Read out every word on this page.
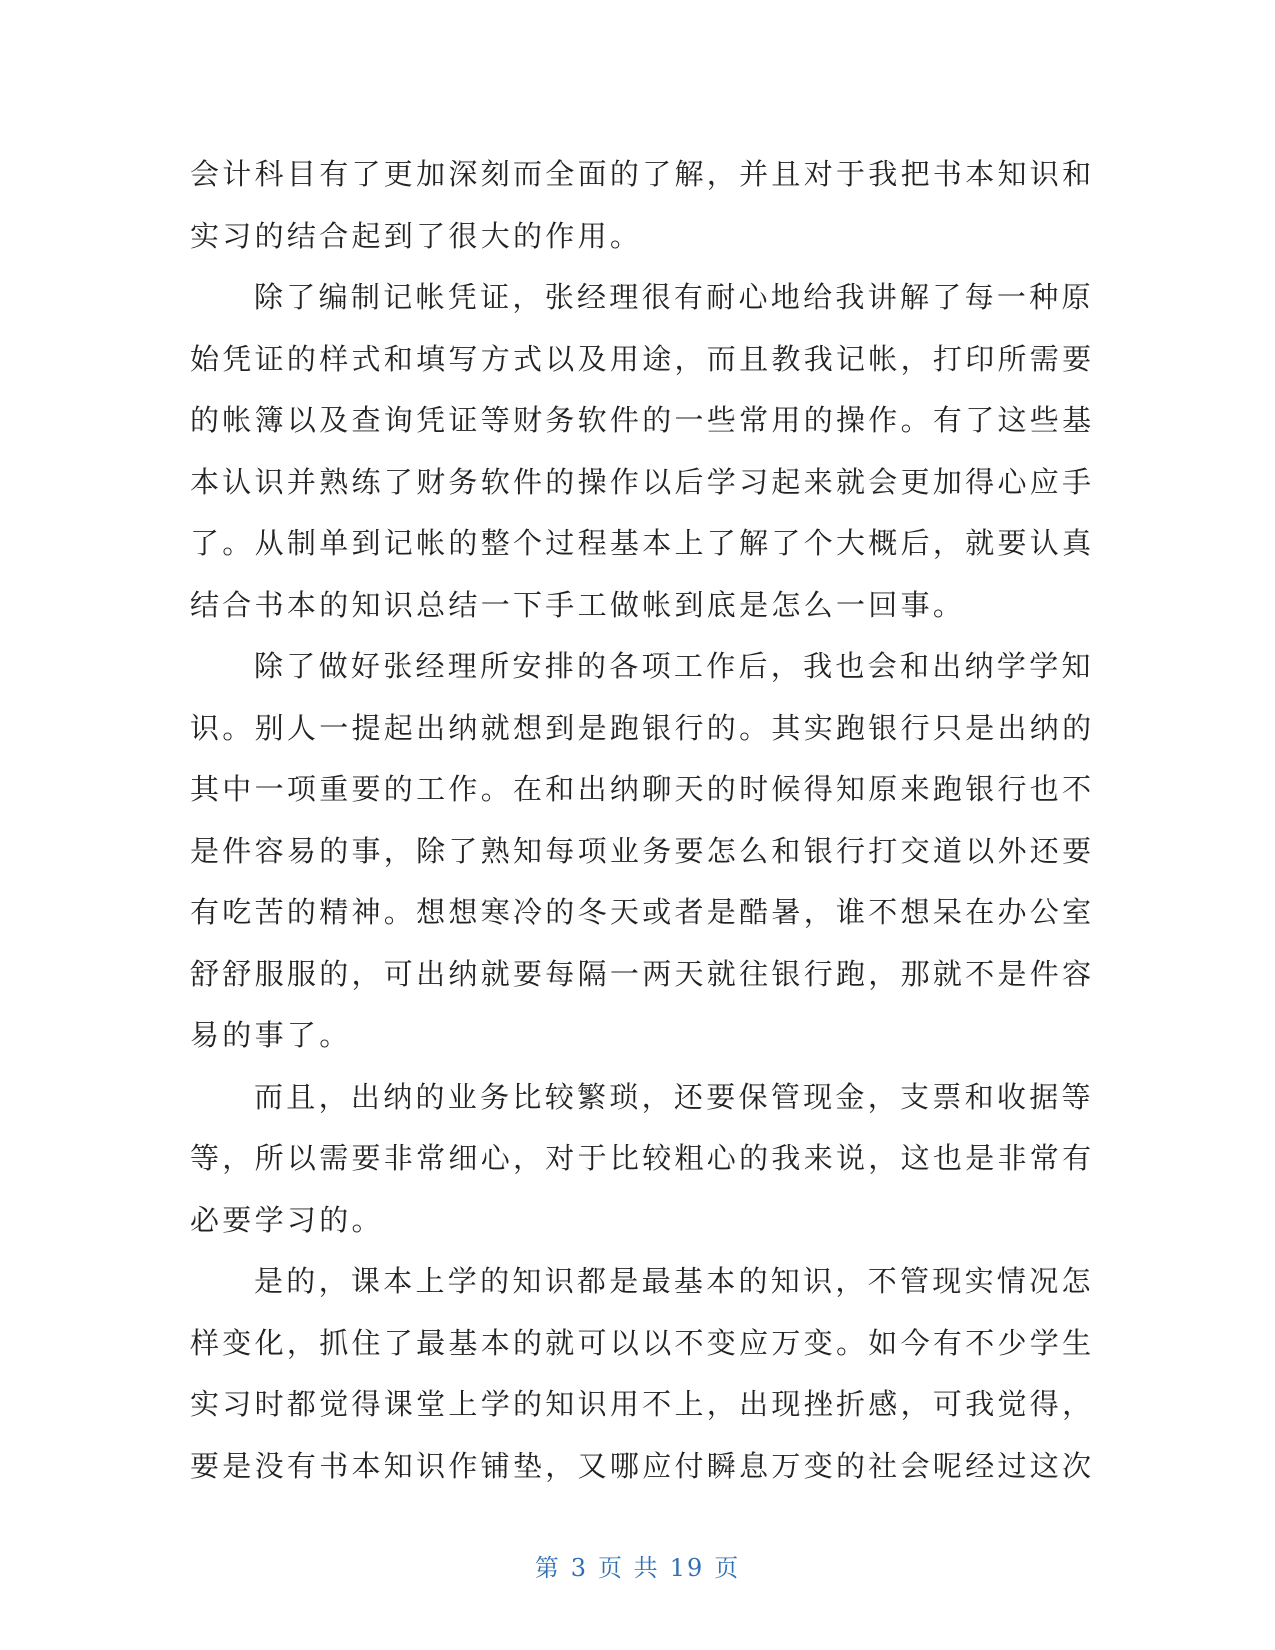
会计科目有了更加深刻而全面的了解，并且对于我把书本知识和
实习的结合起到了很大的作用。
除了编制记帐凭证，张经理很有耐心地给我讲解了每一种原
始凭证的样式和填写方式以及用途，而且教我记帐，打印所需要
的帐簿以及查询凭证等财务软件的一些常用的操作。有了这些基
本认识并熟练了财务软件的操作以后学习起来就会更加得心应手
了。从制单到记帐的整个过程基本上了解了个大概后，就要认真
结合书本的知识总结一下手工做帐到底是怎么一回事。
除了做好张经理所安排的各项工作后，我也会和出纳学学知
识。别人一提起出纳就想到是跑银行的。其实跑银行只是出纳的
其中一项重要的工作。在和出纳聊天的时候得知原来跑银行也不
是件容易的事，除了熟知每项业务要怎么和银行打交道以外还要
有吃苦的精神。想想寒冷的冬天或者是酷暑，谁不想呆在办公室
舒舒服服的，可出纳就要每隔一两天就往银行跑，那就不是件容
易的事了。
而且，出纳的业务比较繁琐，还要保管现金，支票和收据等
等，所以需要非常细心，对于比较粗心的我来说，这也是非常有
必要学习的。
是的，课本上学的知识都是最基本的知识，不管现实情况怎
样变化，抓住了最基本的就可以以不变应万变。如今有不少学生
实习时都觉得课堂上学的知识用不上，出现挫折感，可我觉得，
要是没有书本知识作铺垫，又哪应付瞬息万变的社会呢经过这次
第 3 页 共 19 页
